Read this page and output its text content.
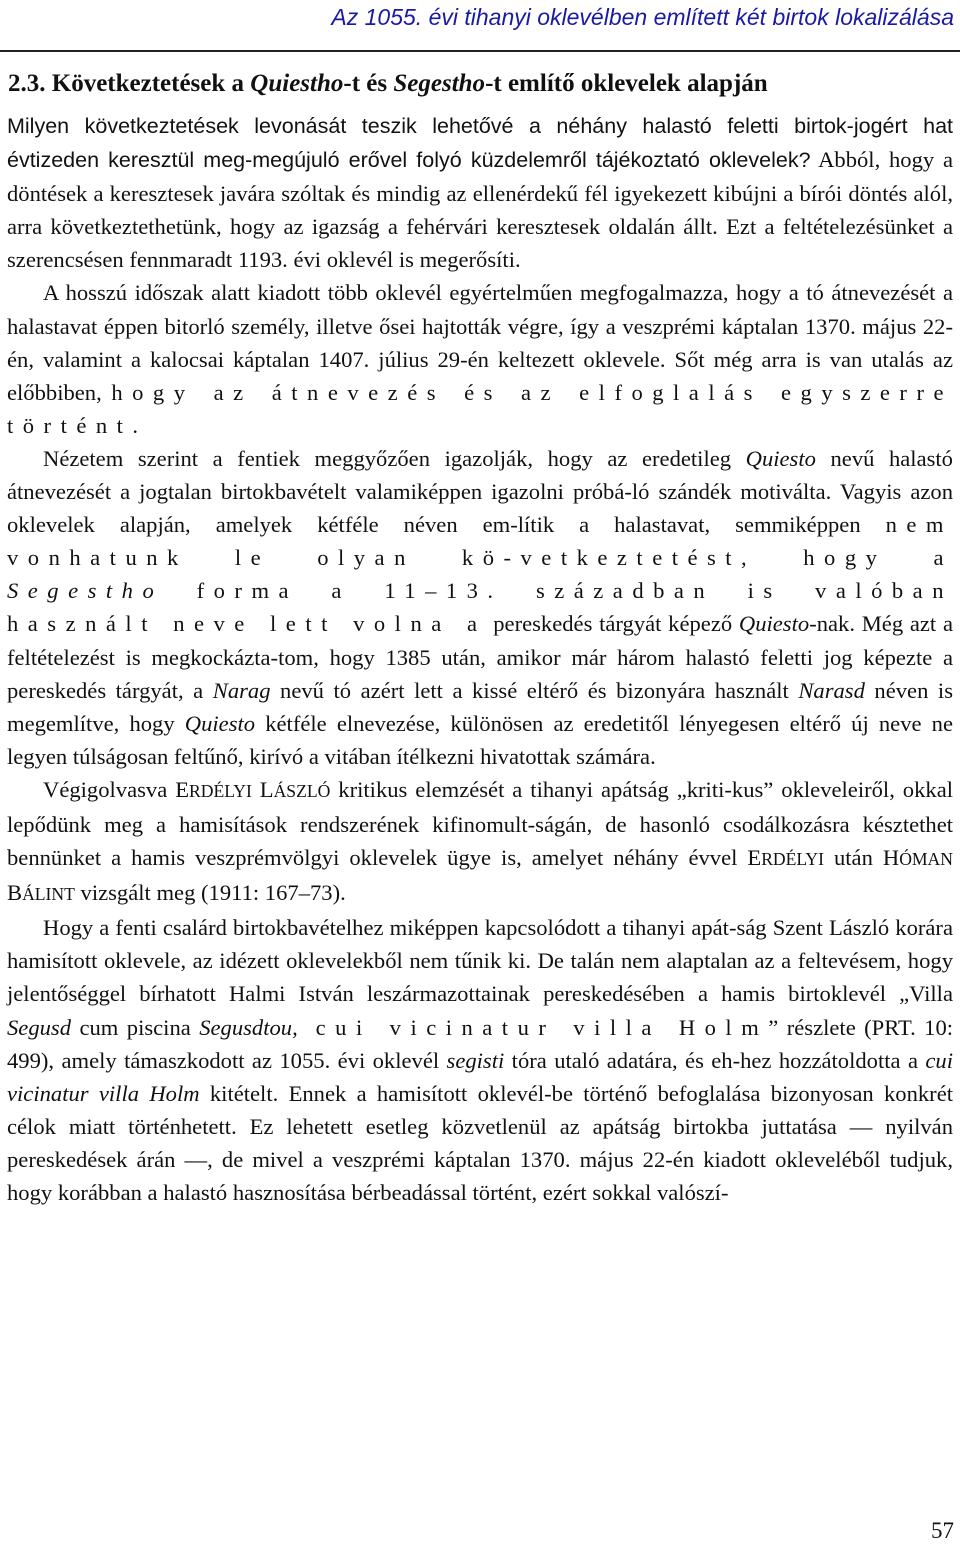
Az 1055. évi tihanyi oklevélben említett két birtok lokalizálása
2.3. Következtetések a Quiestho-t és Segestho-t említő oklevelek alapján

Milyen következtetések levonását teszik lehetővé a néhány halastó feletti birtok-jogért hat évtizeden keresztül meg-megújuló erővel folyó küzdelemről tájékoztató oklevelek? Abból, hogy a döntések a keresztesek javára szóltak és mindig az ellenérdekű fél igyekezett kibújni a bírói döntés alól, arra következtethetünk, hogy az igazság a fehérvári keresztesek oldalán állt. Ezt a feltételezésünket a szerencsésen fennmaradt 1193. évi oklevél is megerősíti.

A hosszú időszak alatt kiadott több oklevél egyértelműen megfogalmazza, hogy a tó átnevezését a halastavat éppen bitorló személy, illetve ősei hajtották végre, így a veszprémi káptalan 1370. május 22-én, valamint a kalocsai káptalan 1407. július 29-én keltezett oklevele. Sőt még arra is van utalás az előbbiben, hogy az átnevezés és az elfoglalás egyszerre történt.

Nézetem szerint a fentiek meggyőzően igazolják, hogy az eredetileg Quiesto nevű halastó átnevezését a jogtalan birtokbavételt valamiképpen igazolni próbá-ló szándék motiválta. Vagyis azon oklevelek alapján, amelyek kétféle néven em-lítik a halastavat, semmiképpen nem vonhatunk le olyan kö-vetkeztetést, hogy a Segestho forma a 11–13. században is valóban használt neve lett volna a pereskedés tárgyát képező Quiesto-nak. Még azt a feltételezést is megkockázta-tom, hogy 1385 után, amikor már három halastó feletti jog képezte a pereskedés tárgyát, a Narag nevű tó azért lett a kissé eltérő és bizonyára használt Narasd néven is megemlítve, hogy Quiesto kétféle elnevezése, különösen az eredetitől lényegesen eltérő új neve ne legyen túlságosan feltűnő, kirívó a vitában ítélkezni hivatottak számára.

Végigolvasva ERDÉLYI LÁSZLÓ kritikus elemzését a tihanyi apátság „kriti-kus” okleveleiről, okkal lepődünk meg a hamisítások rendszerének kifinomult-ságán, de hasonló csodálkozásra késztethet bennünket a hamis veszprémvölgyi oklevelek ügye is, amelyet néhány évvel ERDÉLYI után HÓMAN BÁLINT vizsgált meg (1911: 167–73).

Hogy a fenti csalárd birtokbavételhez miképpen kapcsolódott a tihanyi apát-ság Szent László korára hamisított oklevele, az idézett oklevelekből nem tűnik ki. De talán nem alaptalan az a feltevésem, hogy jelentőséggel bírhatott Halmi István leszármazottainak pereskedésében a hamis birtoklevél „Villa Segusd cum piscina Segusdtou, cui vicinatur villa Holm” részlete (PRT. 10: 499), amely támaszkodott az 1055. évi oklevél segisti tóra utaló adatára, és eh-hez hozzátoldotta a cui vicinatur villa Holm kitételt. Ennek a hamisított oklevél-be történő befoglalása bizonyosan konkrét célok miatt történhetett. Ez lehetett esetleg közvetlenül az apátság birtokba juttatása — nyilván pereskedések árán —, de mivel a veszprémi káptalan 1370. május 22-én kiadott oklevеléből tudjuk, hogy korábban a halastó hasznosítása bérbeadással történt, ezért sokkal valószí-

57
